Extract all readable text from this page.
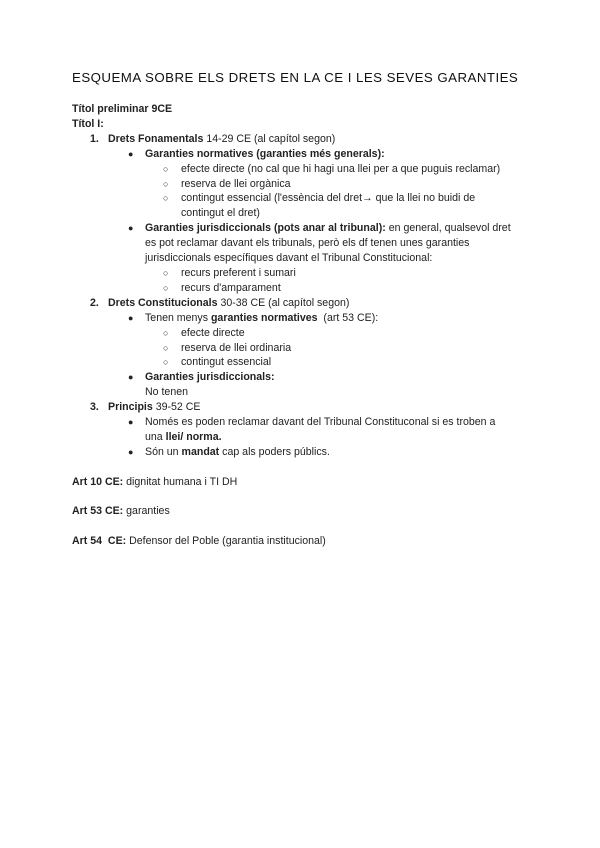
ESQUEMA SOBRE ELS DRETS EN LA CE I LES SEVES GARANTIES
Títol preliminar 9CE
Títol I:
1. Drets Fonamentals 14-29 CE (al capítol segon)
● Garanties normatives (garanties més generals):
○ efecte directe (no cal que hi hagi una llei per a que puguis reclamar)
○ reserva de llei orgànica
○ contingut essencial (l'essència del dret→ que la llei no buidi de contingut el dret)
● Garanties jurisdiccionals (pots anar al tribunal): en general, qualsevol dret es pot reclamar davant els tribunals, però els df tenen unes garanties jurisdiccionals específiques davant el Tribunal Constitucional:
○ recurs preferent i sumari
○ recurs d'amparament
2. Drets Constitucionals 30-38 CE (al capítol segon)
● Tenen menys garanties normatives  (art 53 CE):
○ efecte directe
○ reserva de llei ordinaria
○ contingut essencial
● Garanties jurisdiccionals:
No tenen
3. Principis 39-52 CE
● Només es poden reclamar davant del Tribunal Constituconal si es troben a una llei/ norma.
● Són un mandat cap als poders públics.
Art 10 CE: dignitat humana i TI DH
Art 53 CE: garanties
Art 54  CE: Defensor del Poble (garantia institucional)
